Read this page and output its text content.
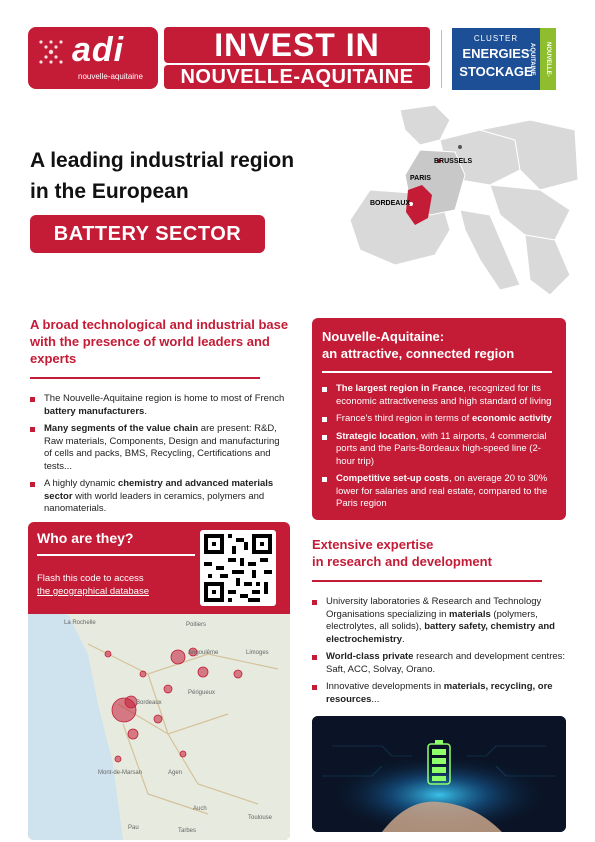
adi
nouvelle-aquitaine
INVEST IN
NOUVELLE-AQUITAINE
CLUSTER
ENERGIES
STOCKAGE	NOUVELLE-AQUITAINE
BRUSSELS
PARIS
BORDEAUX
A leading industrial region
in the European
BATTERY SECTOR
A broad technological and industrial base with the presence of world leaders and experts
The Nouvelle-Aquitaine region is home to most of French battery manufacturers.
Many segments of the value chain are present: R&D, Raw materials, Components, Design and manufacturing of cells and packs, BMS, Recycling, Certifications and tests...
A highly dynamic chemistry and advanced materials sector with world leaders in ceramics, polymers and nanomaterials.
Nouvelle-Aquitaine:
an attractive, connected region
The largest region in France, recognized for its economic attractiveness and high standard of living
France's third region in terms of economic activity
Strategic location, with 11 airports, 4 commercial ports and the Paris-Bordeaux high-speed line (2-hour trip)
Competitive set-up costs, on average 20 to 30% lower for salaries and real estate, compared to the Paris region
Who are they?
Flash this code to access
the geographical database
La Rochelle	Poitiers
Angoulême
Bordeaux
Limoges
Périgueux
Mont-de-Marsan
Pau
Auch
Toulouse
Tarbes
Agen
Extensive expertise
in research and development
University laboratories & Research and Technology Organisations specializing in materials (polymers, electrolytes, all solids), battery safety, chemistry and electrochemistry.
World-class private research and development centres: Saft, ACC, Solvay, Orano.
Innovative developments in materials, recycling, ore resources...
